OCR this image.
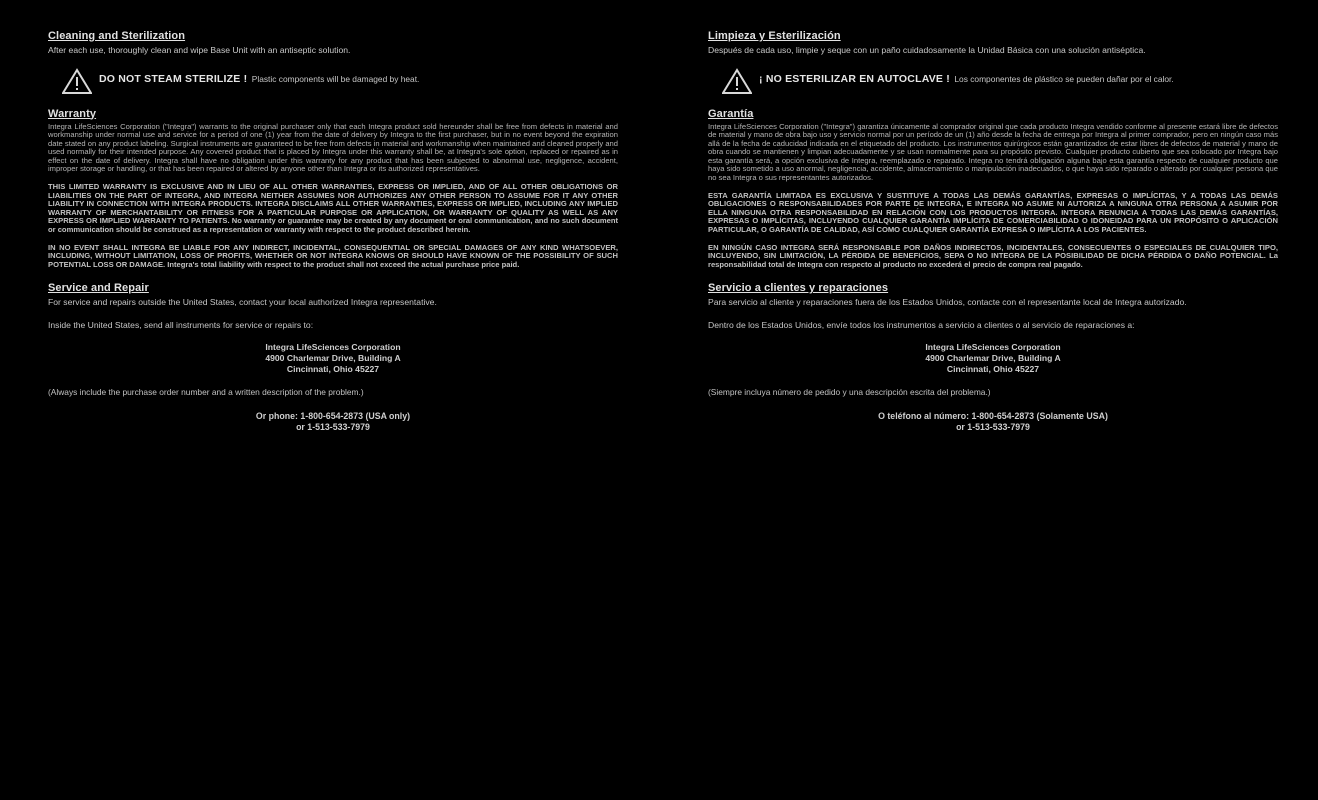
Cleaning and Sterilization

After each use, thoroughly clean and wipe Base Unit with an antiseptic solution.

DO NOT STEAM STERILIZE ! Plastic components will be damaged by heat.
Warranty

Integra LifeSciences Corporation ("Integra") warrants to the original purchaser only that each Integra product sold hereunder shall be free from defects in material and workmanship under normal use and service for a period of one (1) year from the date of delivery by Integra to the first purchaser, but in no event beyond the expiration date stated on any product labeling. Surgical instruments are guaranteed to be free from defects in material and workmanship when maintained and cleaned properly and used normally for their intended purpose. Any covered product that is placed by Integra under this warranty shall be, at Integra's sole option, replaced or repaired as in effect on the date of delivery. Integra shall have no obligation under this warranty for any product that has been subjected to abnormal use, negligence, accident, improper storage or handling, or that has been repaired or altered by anyone other than Integra or its authorized representatives.

THIS LIMITED WARRANTY IS EXCLUSIVE AND IN LIEU OF ALL OTHER WARRANTIES, EXPRESS OR IMPLIED, AND OF ALL OTHER OBLIGATIONS OR LIABILITIES ON THE PART OF INTEGRA, AND INTEGRA NEITHER ASSUMES NOR AUTHORIZES ANY OTHER PERSON TO ASSUME FOR IT ANY OTHER LIABILITY IN CONNECTION WITH INTEGRA PRODUCTS. INTEGRA DISCLAIMS ALL OTHER WARRANTIES, EXPRESS OR IMPLIED, INCLUDING ANY IMPLIED WARRANTY OF MERCHANTABILITY OR FITNESS FOR A PARTICULAR PURPOSE OR APPLICATION, OR WARRANTY OF QUALITY AS WELL AS ANY EXPRESS OR IMPLIED WARRANTY TO PATIENTS. No warranty or guarantee may be created by any document or oral communication, and no such document or communication should be construed as a representation or warranty with respect to the product described herein.

IN NO EVENT SHALL INTEGRA BE LIABLE FOR ANY INDIRECT, INCIDENTAL, CONSEQUENTIAL OR SPECIAL DAMAGES OF ANY KIND WHATSOEVER, INCLUDING, WITHOUT LIMITATION, LOSS OF PROFITS, WHETHER OR NOT INTEGRA KNOWS OR SHOULD HAVE KNOWN OF THE POSSIBILITY OF SUCH POTENTIAL LOSS OR DAMAGE. Integra's total liability with respect to the product shall not exceed the actual purchase price paid.

Service and Repair

For service and repairs outside the United States, contact your local authorized Integra representative.

Inside the United States, send all instruments for service or repairs to:

Integra LifeSciences Corporation
4900 Charlemar Drive, Building A
Cincinnati, Ohio 45227

(Always include the purchase order number and a written description of the problem.)

Or phone: 1-800-654-2873 (USA only)
or 1-513-533-7979
Limpieza y Esterilización

Después de cada uso, limpie y seque con un paño cuidadosamente la Unidad Básica con una solución antiséptica.

¡ NO ESTERILIZAR EN AUTOCLAVE ! Los componentes de plástico se pueden dañar por el calor.
Garantía

Integra LifeSciences Corporation ("Integra") garantiza únicamente al comprador original que cada producto Integra vendido conforme al presente estará libre de defectos de material y mano de obra bajo uso y servicio normal por un período de un (1) año desde la fecha de entrega por Integra al primer comprador, pero en ningún caso más allá de la fecha de caducidad indicada en el etiquetado del producto. Los instrumentos quirúrgicos están garantizados de estar libres de defectos de material y mano de obra cuando se mantienen y limpian adecuadamente y se usan normalmente para su propósito previsto. Cualquier producto cubierto que sea colocado por Integra bajo esta garantía será, a opción exclusiva de Integra, reemplazado o reparado. Integra no tendrá obligación alguna bajo esta garantía respecto de cualquier producto que haya sido sometido a uso anormal, negligencia, accidente, almacenamiento o manipulación inadecuados, o que haya sido reparado o alterado por cualquier persona que no sea Integra o sus representantes autorizados.

ESTA GARANTÍA LIMITADA ES EXCLUSIVA Y SUSTITUYE A TODAS LAS DEMÁS GARANTÍAS, EXPRESAS O IMPLÍCITAS, Y A TODAS LAS DEMÁS OBLIGACIONES O RESPONSABILIDADES POR PARTE DE INTEGRA, E INTEGRA NO ASUME NI AUTORIZA A NINGUNA OTRA PERSONA A ASUMIR POR ELLA NINGUNA OTRA RESPONSABILIDAD EN RELACIÓN CON LOS PRODUCTOS INTEGRA. INTEGRA RENUNCIA A TODAS LAS DEMÁS GARANTÍAS, EXPRESAS O IMPLÍCITAS, INCLUYENDO CUALQUIER GARANTÍA IMPLÍCITA DE COMERCIABILIDAD O IDONEIDAD PARA UN PROPÓSITO O APLICACIÓN PARTICULAR, O GARANTÍA DE CALIDAD, ASÍ COMO CUALQUIER GARANTÍA EXPRESA O IMPLÍCITA A LOS PACIENTES.

EN NINGÚN CASO INTEGRA SERÁ RESPONSABLE POR DAÑOS INDIRECTOS, INCIDENTALES, CONSECUENTES O ESPECIALES DE CUALQUIER TIPO, INCLUYENDO, SIN LIMITACIÓN, LA PÉRDIDA DE BENEFICIOS, SEPA O NO INTEGRA DE LA POSIBILIDAD DE DICHA PÉRDIDA O DAÑO POTENCIAL. La responsabilidad total de Integra con respecto al producto no excederá el precio de compra real pagado.

Servicio a clientes y reparaciones

Para servicio al cliente y reparaciones fuera de los Estados Unidos, contacte con el representante local de Integra autorizado.

Dentro de los Estados Unidos, envíe todos los instrumentos a servicio a clientes o al servicio de reparaciones a:

Integra LifeSciences Corporation
4900 Charlemar Drive, Building A
Cincinnati, Ohio 45227

(Siempre incluya número de pedido y una descripción escrita del problema.)

O teléfono al número: 1-800-654-2873 (Solamente USA)
or 1-513-533-7979
